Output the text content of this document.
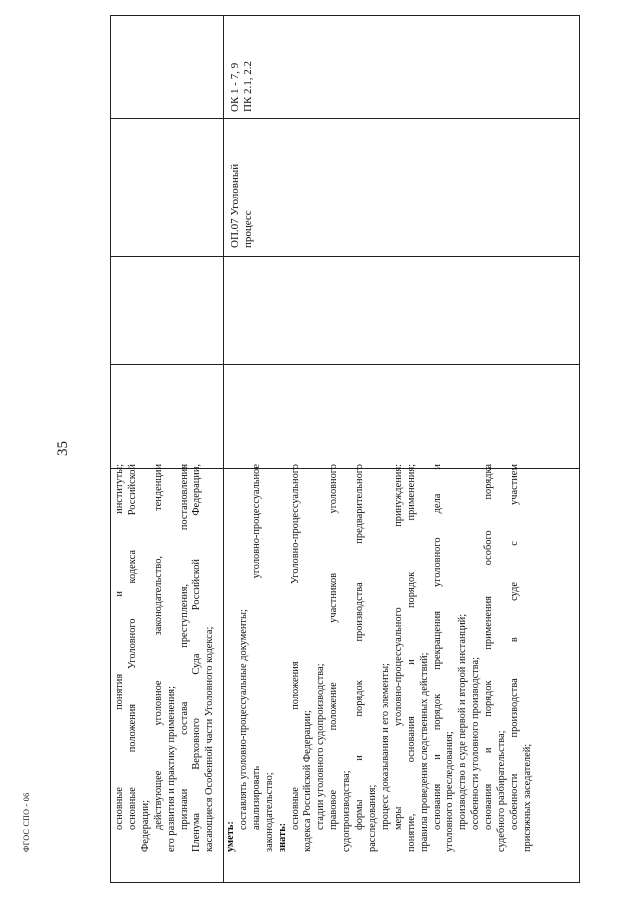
35
ФГОС СПО - 06	основные понятия и институты; основные положения Уголовного кодекса Российской Федерации; действующее уголовное законодательство, тенденции его развития и практику применения; признаки состава преступления, постановления Пленума Верховного Суда Российской Федерации, касающиеся Особенной части Уголовного кодекса; уметь:
составлять уголовно-процессуальные документы; анализировать уголовно-процессуальное законодательство; знать:
основные положения Уголовно-процессуального кодекса Российской Федерации; стадии уголовного судопроизводства; правовое положение участников уголовного судопроизводства; формы и порядок производства предварительного расследования; процесс доказывания и его элементы; меры уголовно-процессуального принуждения: понятие, основания и порядок применения; правила проведения следственных действий; основания и порядок прекращения уголовного дела и уголовного преследования; производство в суде первой и второй инстанций; особенности уголовного производства; основания и порядок применения особого порядка судебного разбирательства; особенности производства в суде с участием присяжных заседателей;
ОП.07 Уголовный процесс
ОК 1 - 7, 9 ПК 2.1, 2.2
